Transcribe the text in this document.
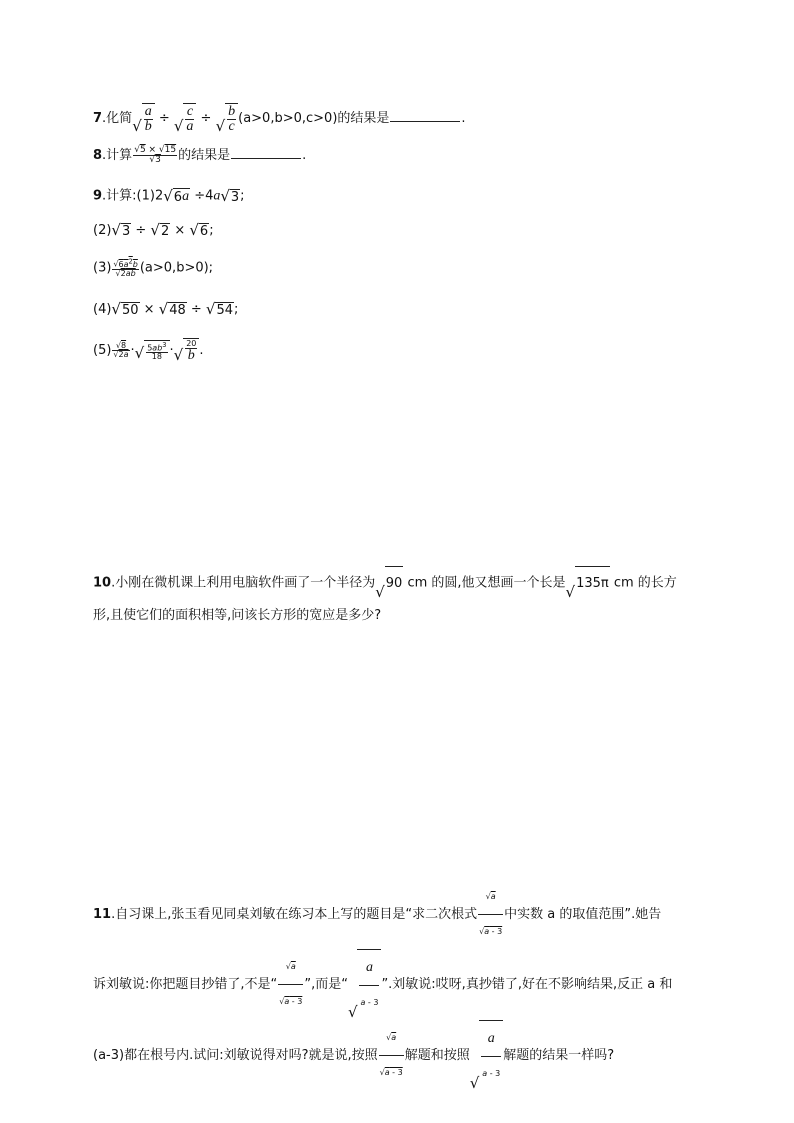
7.化简 √ $\frac{a}{b}$ ÷ √ $\frac{c}{a}$ ÷ √ $\frac{b}{c} (a>0,b>0,c>0)$的结果是	.
8.计算 $\frac{√5 \times √15}{√3}$ 的结果是	.
9.计算:(1)2 √ 6 a ÷4a √ 3 ;
(2) √ 3 ÷ √ 2 × √ 6 ;
$(3) \frac{√6a^2b}{√2ab} (a>0,b>0)$;
(4) √ 50 × √ 48 ÷ √ 54 ;
$(5) \frac{√8}{√2a}$ · √ $\frac{5ab^3}{18}$ · √ $\frac{20}{b}$ .
10.小刚在微机课上利用电脑软件画了一个半径为
√ 90 cm 的圆,他又想画一个长是
√ 135π cm 的长方
形,且使它们的面积相等,问该长方形的宽应是多少?
11.自习课上,张玉看见同桌刘敏在练习本上写的题目是“求二次根式 $\frac{√a}{√a - 3}$ 中实数 a 的取值范围”.她告
诉刘敏说:你把题目抄错了,不是“ $\frac{√a}{√a - 3}$ ”,而是“
√ $\frac{a}{a - 3}$ ”.刘敏说:哎呀,真抄错了,好在不影响结果,反正 a 和
(a-3)都在根号内.试问:刘敏说得对吗?就是说,按照 $\frac{√a}{√a - 3}$ 解题和按照
√ $\frac{a}{a - 3}$ 解题的结果一样吗?
